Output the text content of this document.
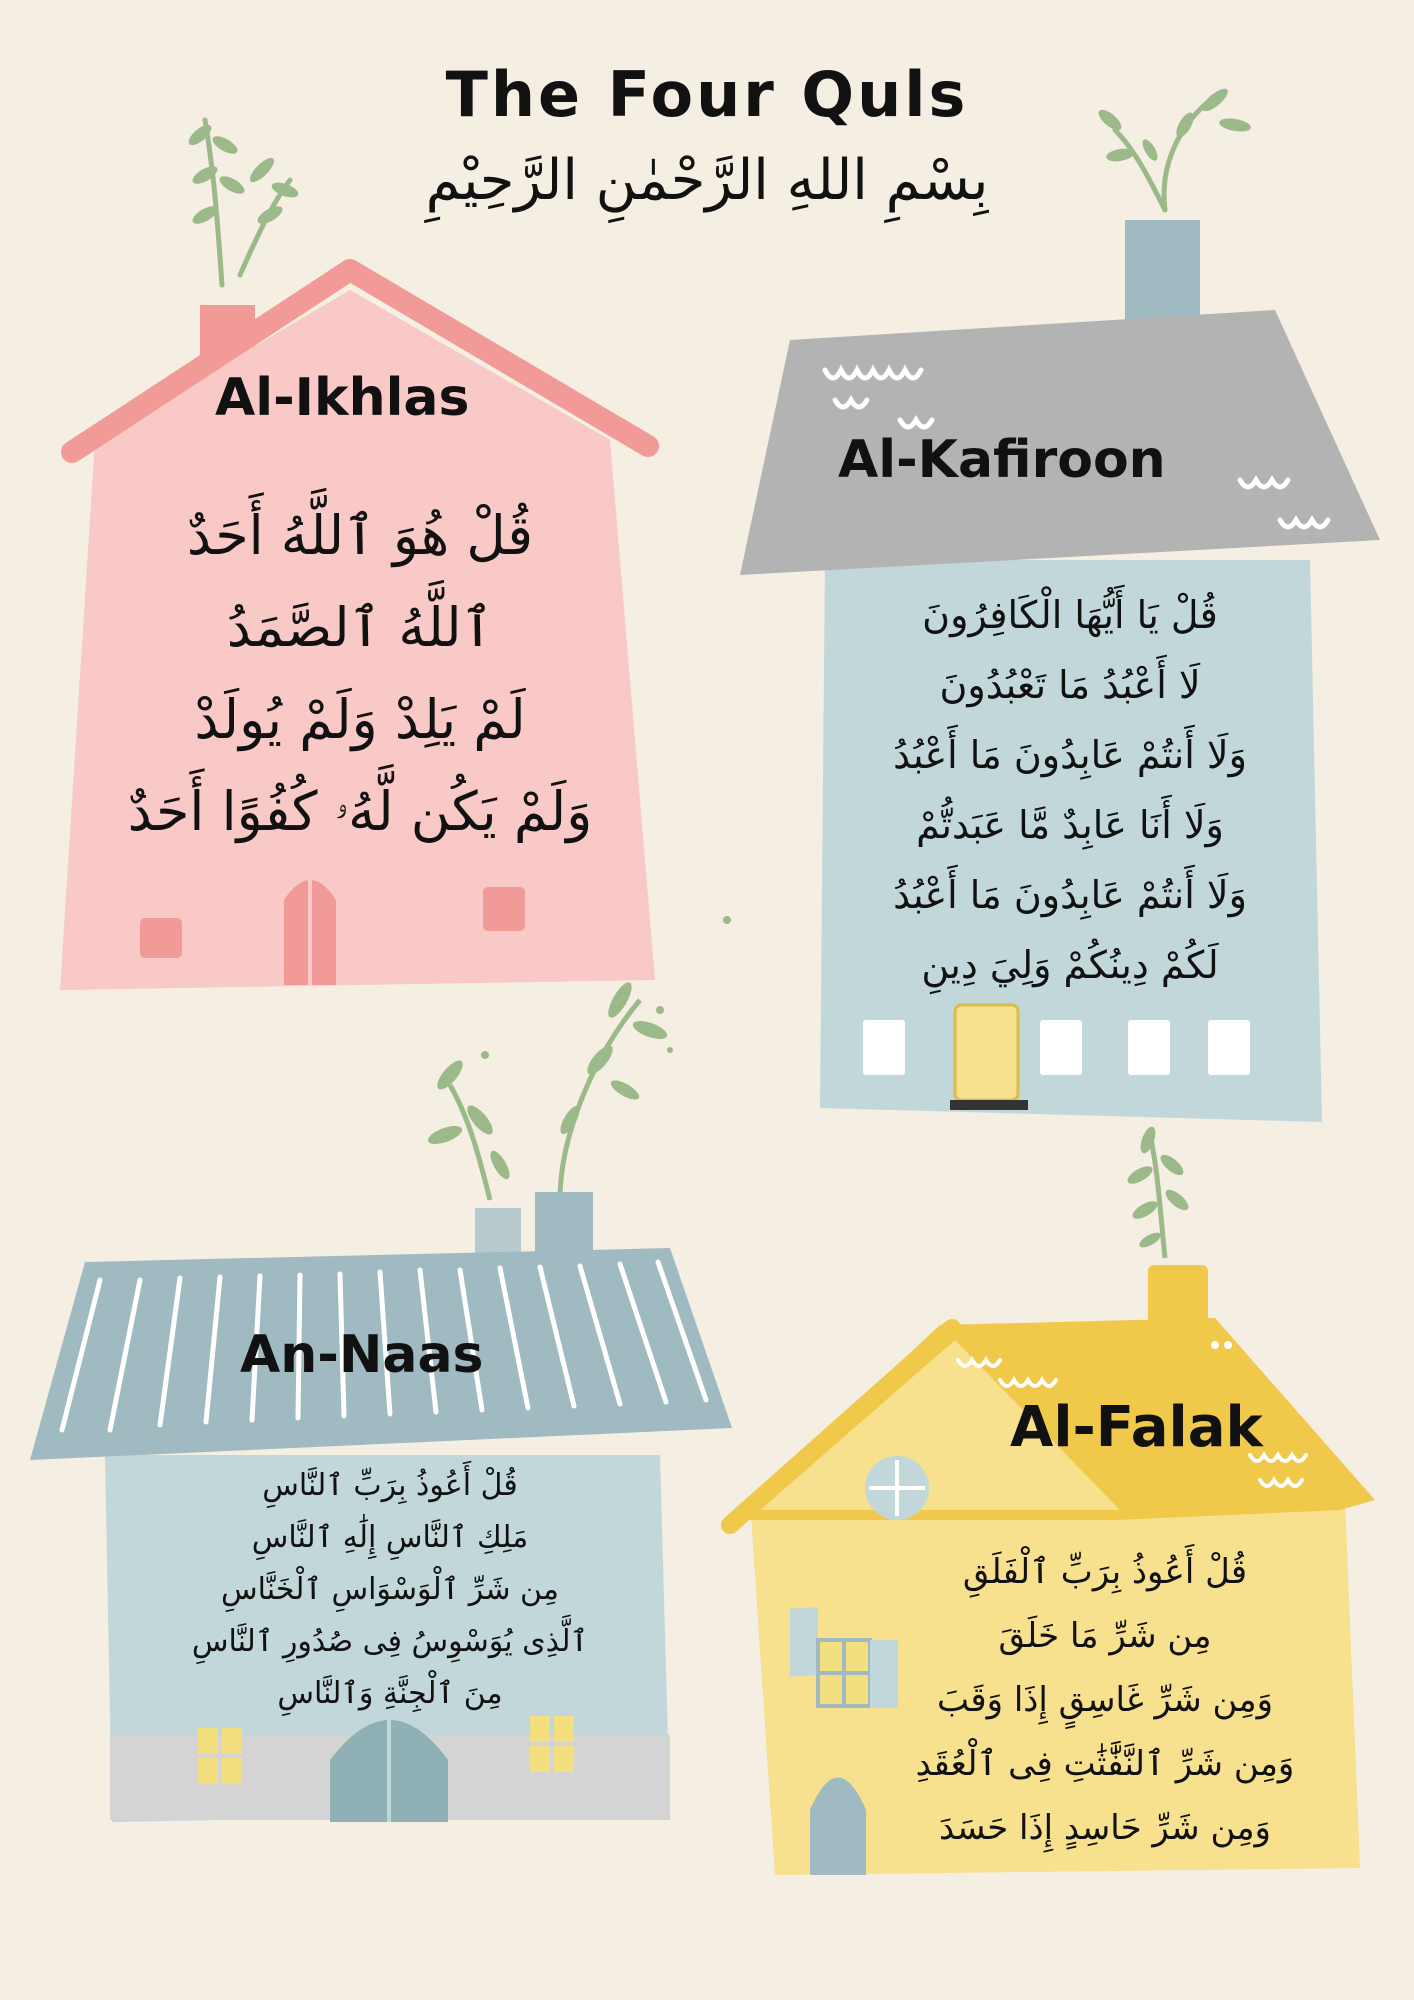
The Four Quls
بِسْمِ اللهِ الرَّحْمٰنِ الرَّحِيْمِ
Al-Ikhlas
قُلْ هُوَ ٱللَّهُ أَحَدٌ
ٱللَّهُ ٱلصَّمَدُ
لَمْ يَلِدْ وَلَمْ يُولَدْ
وَلَمْ يَكُن لَّهُۥ كُفُوًا أَحَدٌ
Al-Kafiroon
قُلْ يَا أَيُّهَا الْكَافِرُونَ
لَا أَعْبُدُ مَا تَعْبُدُونَ
وَلَا أَنتُمْ عَابِدُونَ مَا أَعْبُدُ
وَلَا أَنَا عَابِدٌ مَّا عَبَدتُّمْ
وَلَا أَنتُمْ عَابِدُونَ مَا أَعْبُدُ
لَكُمْ دِينُكُمْ وَلِيَ دِينِ
An-Naas
قُلْ أَعُوذُ بِرَبِّ ٱلنَّاسِ
مَلِكِ ٱلنَّاسِ إِلَٰهِ ٱلنَّاسِ
مِن شَرِّ ٱلْوَسْوَاسِ ٱلْخَنَّاسِ
ٱلَّذِى يُوَسْوِسُ فِى صُدُورِ ٱلنَّاسِ
مِنَ ٱلْجِنَّةِ وَٱلنَّاسِ
Al-Falak
قُلْ أَعُوذُ بِرَبِّ ٱلْفَلَقِ
مِن شَرِّ مَا خَلَقَ
وَمِن شَرِّ غَاسِقٍ إِذَا وَقَبَ
وَمِن شَرِّ ٱلنَّفَّٰثَٰتِ فِى ٱلْعُقَدِ
وَمِن شَرِّ حَاسِدٍ إِذَا حَسَدَ
